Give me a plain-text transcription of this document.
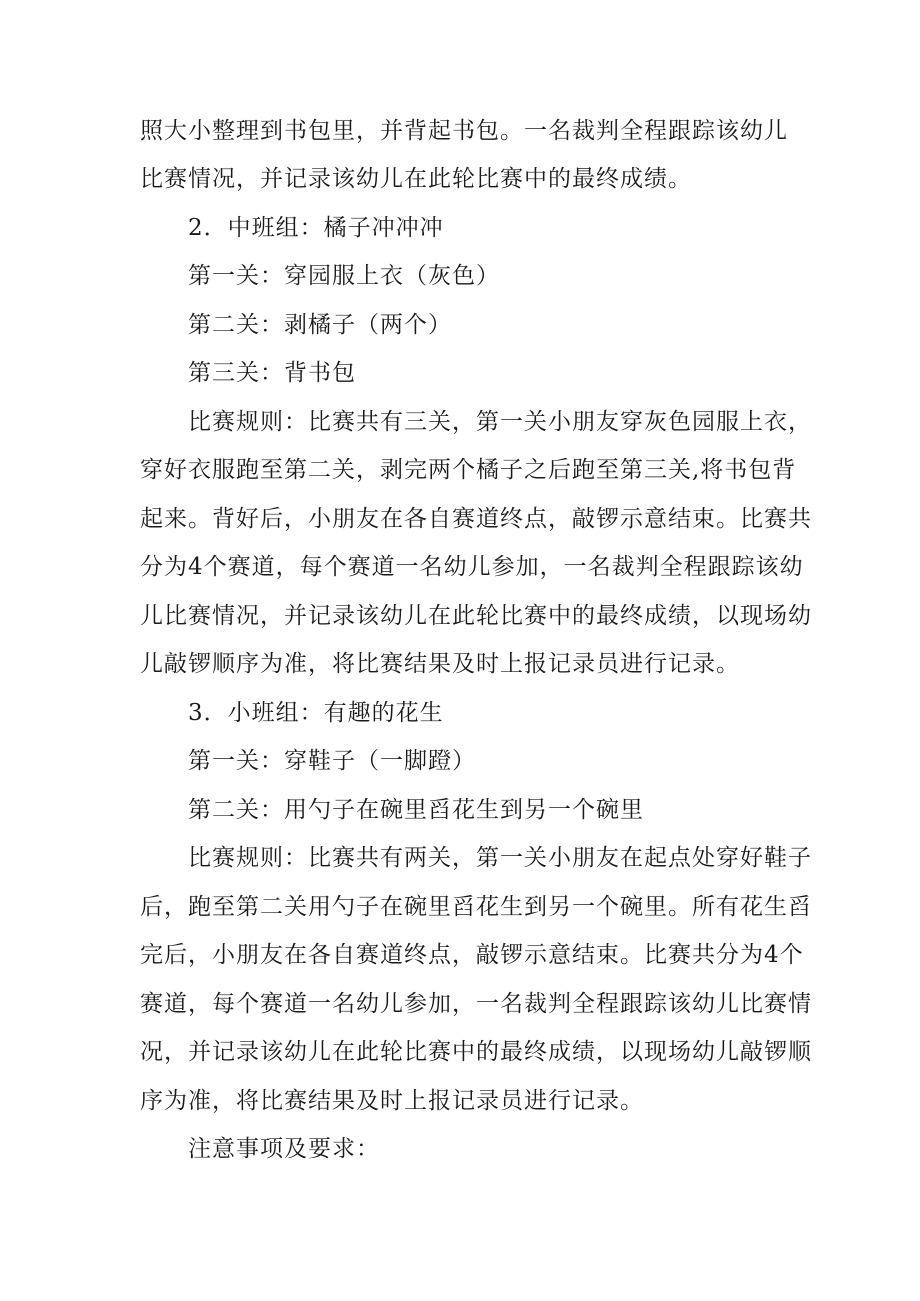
照大小整理到书包里，并背起书包。一名裁判全程跟踪该幼儿
比赛情况，并记录该幼儿在此轮比赛中的最终成绩。
2．中班组：橘子冲冲冲
第一关：穿园服上衣（灰色）
第二关：剥橘子（两个）
第三关：背书包
比赛规则：比赛共有三关，第一关小朋友穿灰色园服上衣，
穿好衣服跑至第二关，剥完两个橘子之后跑至第三关,将书包背
起来。背好后，小朋友在各自赛道终点，敲锣示意结束。比赛共
分为4个赛道，每个赛道一名幼儿参加，一名裁判全程跟踪该幼
儿比赛情况，并记录该幼儿在此轮比赛中的最终成绩，以现场幼
儿敲锣顺序为准，将比赛结果及时上报记录员进行记录。
3．小班组：有趣的花生
第一关：穿鞋子（一脚蹬）
第二关：用勺子在碗里舀花生到另一个碗里
比赛规则：比赛共有两关，第一关小朋友在起点处穿好鞋子
后，跑至第二关用勺子在碗里舀花生到另一个碗里。所有花生舀
完后，小朋友在各自赛道终点，敲锣示意结束。比赛共分为4个
赛道，每个赛道一名幼儿参加，一名裁判全程跟踪该幼儿比赛情
况，并记录该幼儿在此轮比赛中的最终成绩，以现场幼儿敲锣顺
序为准，将比赛结果及时上报记录员进行记录。
注意事项及要求：
